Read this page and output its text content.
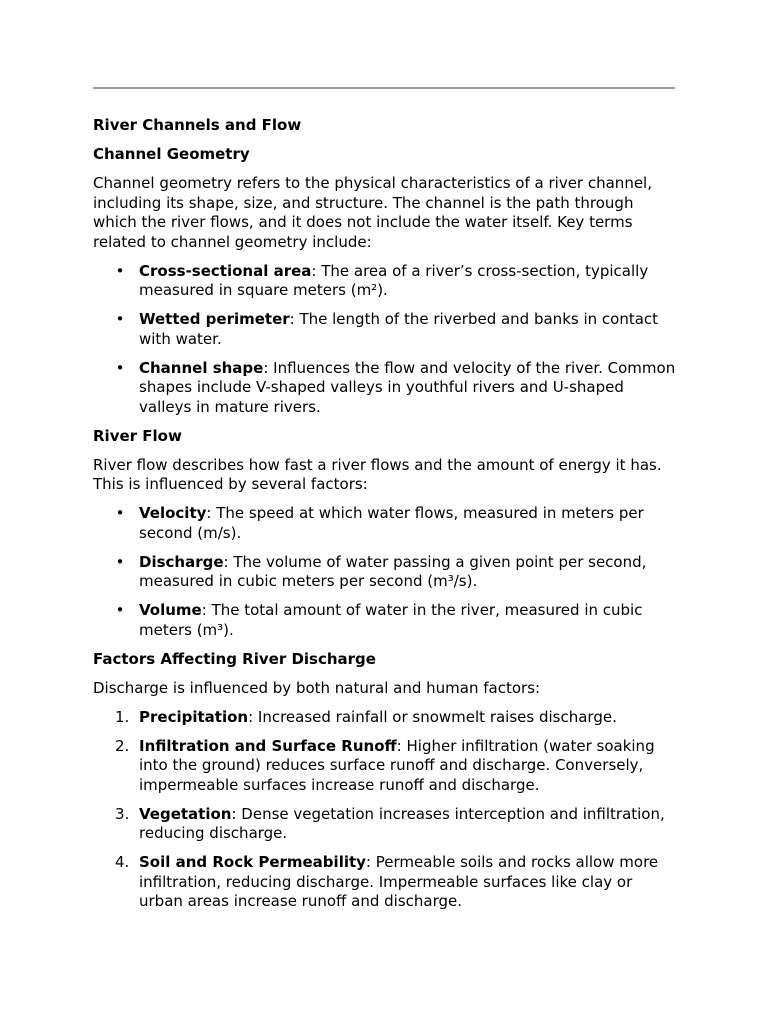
River Channels and Flow
Channel Geometry

Channel geometry refers to the physical characteristics of a river channel, including its shape, size, and structure. The channel is the path through which the river flows, and it does not include the water itself. Key terms related to channel geometry include:

• Cross-sectional area: The area of a river’s cross-section, typically measured in square meters (m²).
• Wetted perimeter: The length of the riverbed and banks in contact with water.
• Channel shape: Influences the flow and velocity of the river. Common shapes include V-shaped valleys in youthful rivers and U-shaped valleys in mature rivers.
River Flow

River flow describes how fast a river flows and the amount of energy it has. This is influenced by several factors:

• Velocity: The speed at which water flows, measured in meters per second (m/s).
• Discharge: The volume of water passing a given point per second, measured in cubic meters per second (m³/s).
• Volume: The total amount of water in the river, measured in cubic meters (m³).
Factors Affecting River Discharge

Discharge is influenced by both natural and human factors:

1. Precipitation: Increased rainfall or snowmelt raises discharge.
2. Infiltration and Surface Runoff: Higher infiltration (water soaking into the ground) reduces surface runoff and discharge. Conversely, impermeable surfaces increase runoff and discharge.
3. Vegetation: Dense vegetation increases interception and infiltration, reducing discharge.
4. Soil and Rock Permeability: Permeable soils and rocks allow more infiltration, reducing discharge. Impermeable surfaces like clay or urban areas increase runoff and discharge.
